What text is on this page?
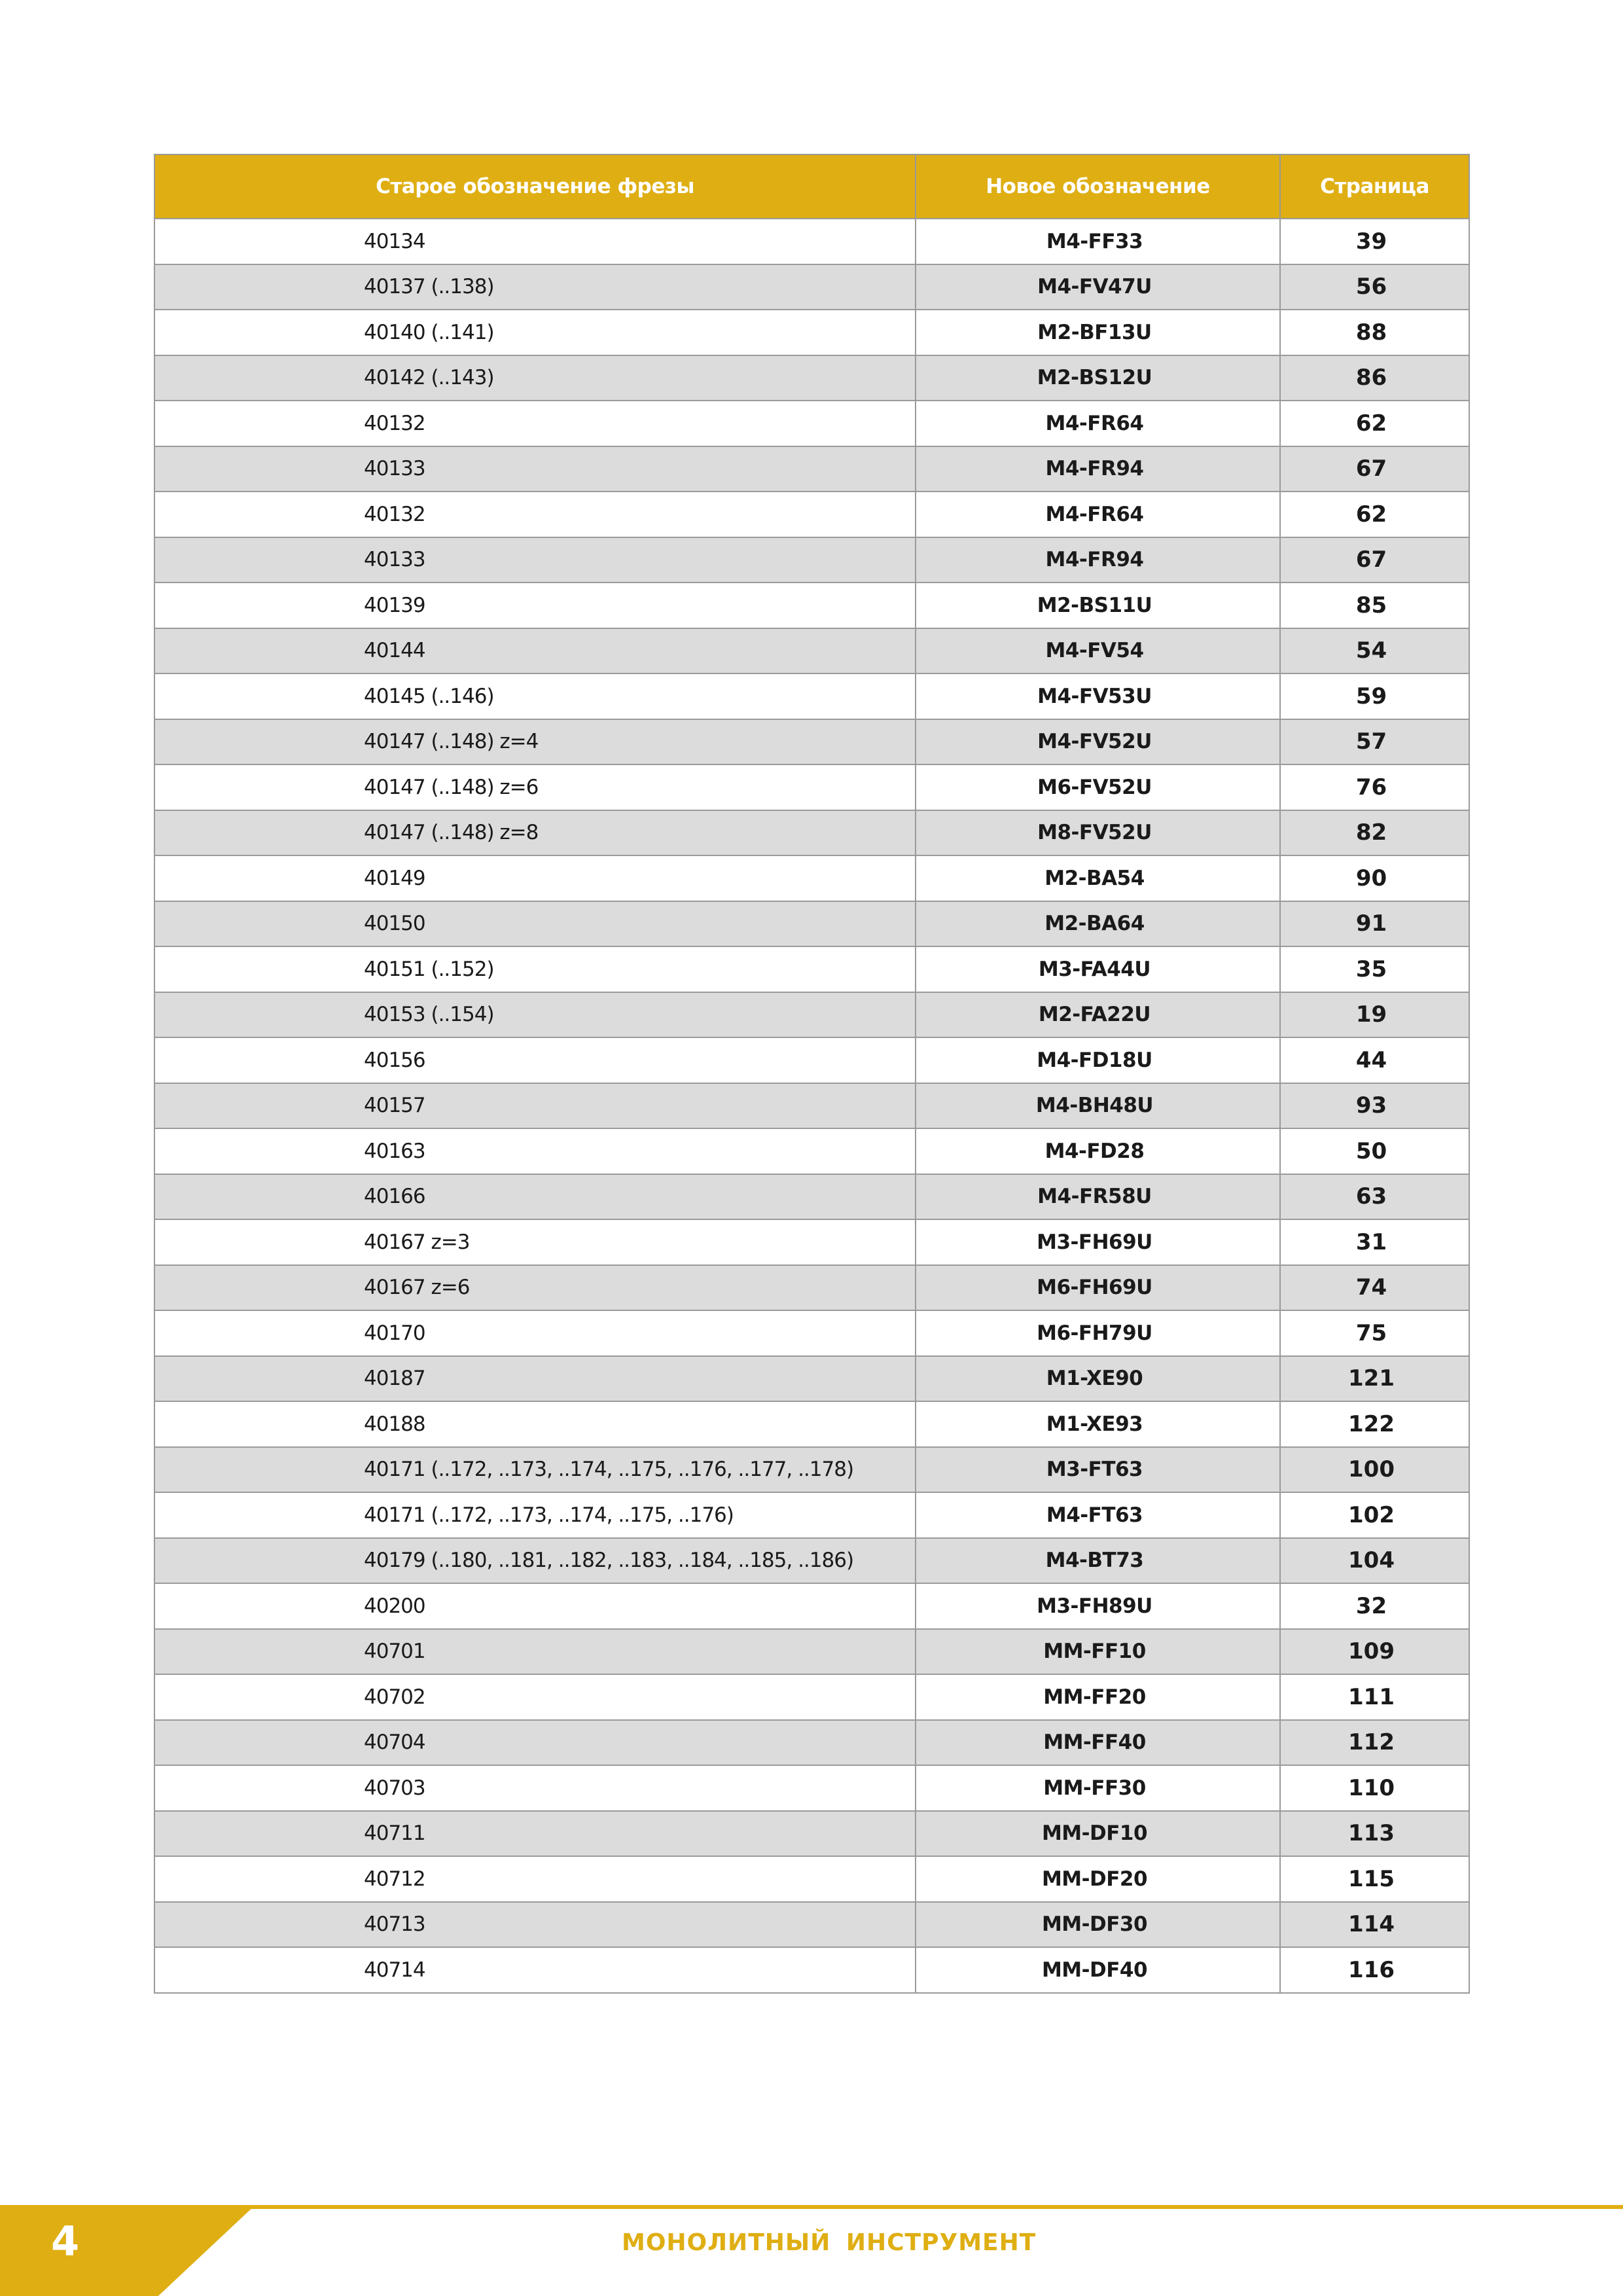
Старое обозначение фрезы	Новое обозначение	Страница
40134	M4-FF33	39
40137 (..138)	M4-FV47U	56
40140 (..141)	M2-BF13U	88
40142 (..143)	M2-BS12U	86
40132	M4-FR64	62
40133	M4-FR94	67
40132	M4-FR64	62
40133	M4-FR94	67
40139	M2-BS11U	85
40144	M4-FV54	54
40145 (..146)	M4-FV53U	59
40147 (..148) z=4	M4-FV52U	57
40147 (..148) z=6	M6-FV52U	76
40147 (..148) z=8	M8-FV52U	82
40149	M2-BA54	90
40150	M2-BA64	91
40151 (..152)	M3-FA44U	35
40153 (..154)	M2-FA22U	19
40156	M4-FD18U	44
40157	M4-BH48U	93
40163	M4-FD28	50
40166	M4-FR58U	63
40167 z=3	M3-FH69U	31
40167 z=6	M6-FH69U	74
40170	M6-FH79U	75
40187	M1-XE90	121
40188	M1-XE93	122
40171 (..172, ..173, ..174, ..175, ..176, ..177, ..178)	M3-FT63	100
40171 (..172, ..173, ..174, ..175, ..176)	M4-FT63	102
40179 (..180, ..181, ..182, ..183, ..184, ..185, ..186)	M4-BT73	104
40200	M3-FH89U	32
40701	MM-FF10	109
40702	MM-FF20	111
40704	MM-FF40	112
40703	MM-FF30	110
40711	MM-DF10	113
40712	MM-DF20	115
40713	MM-DF30	114
40714	MM-DF40	116
4	МОНОЛИТНЫЙ ИНСТРУМЕНТ
